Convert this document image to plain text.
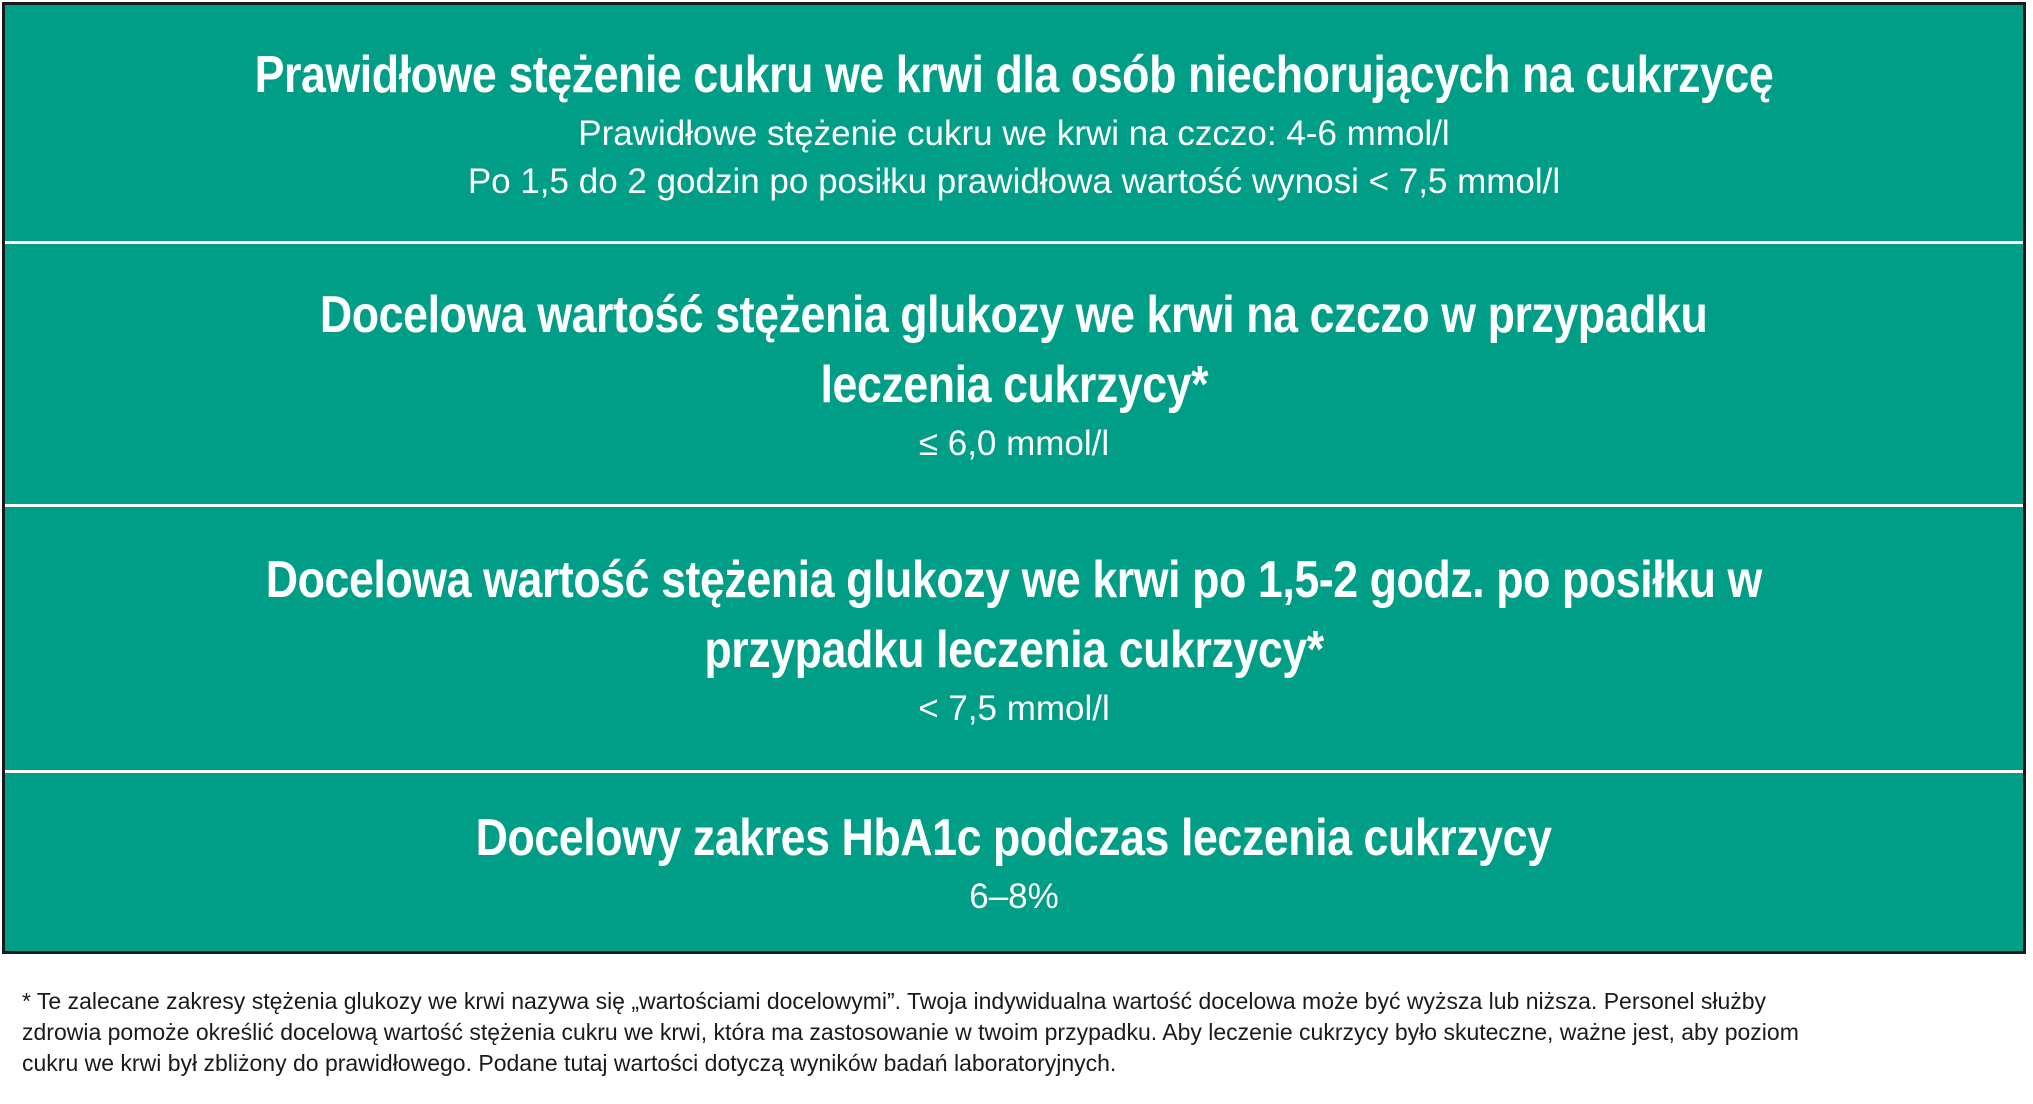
Prawidłowe stężenie cukru we krwi dla osób niechorujących na cukrzycę
Prawidłowe stężenie cukru we krwi na czczo: 4-6 mmol/l
Po 1,5 do 2 godzin po posiłku prawidłowa wartość wynosi < 7,5 mmol/l
Docelowa wartość stężenia glukozy we krwi na czczo w przypadku
leczenia cukrzycy*
≤ 6,0 mmol/l
Docelowa wartość stężenia glukozy we krwi po 1,5-2 godz. po posiłku w
przypadku leczenia cukrzycy*
< 7,5 mmol/l
Docelowy zakres HbA1c podczas leczenia cukrzycy
6–8%
* Te zalecane zakresy stężenia glukozy we krwi nazywa się „wartościami docelowymi”. Twoja indywidualna wartość docelowa może być wyższa lub niższa. Personel służby
zdrowia pomoże określić docelową wartość stężenia cukru we krwi, która ma zastosowanie w twoim przypadku. Aby leczenie cukrzycy było skuteczne, ważne jest, aby poziom
cukru we krwi był zbliżony do prawidłowego. Podane tutaj wartości dotyczą wyników badań laboratoryjnych.
